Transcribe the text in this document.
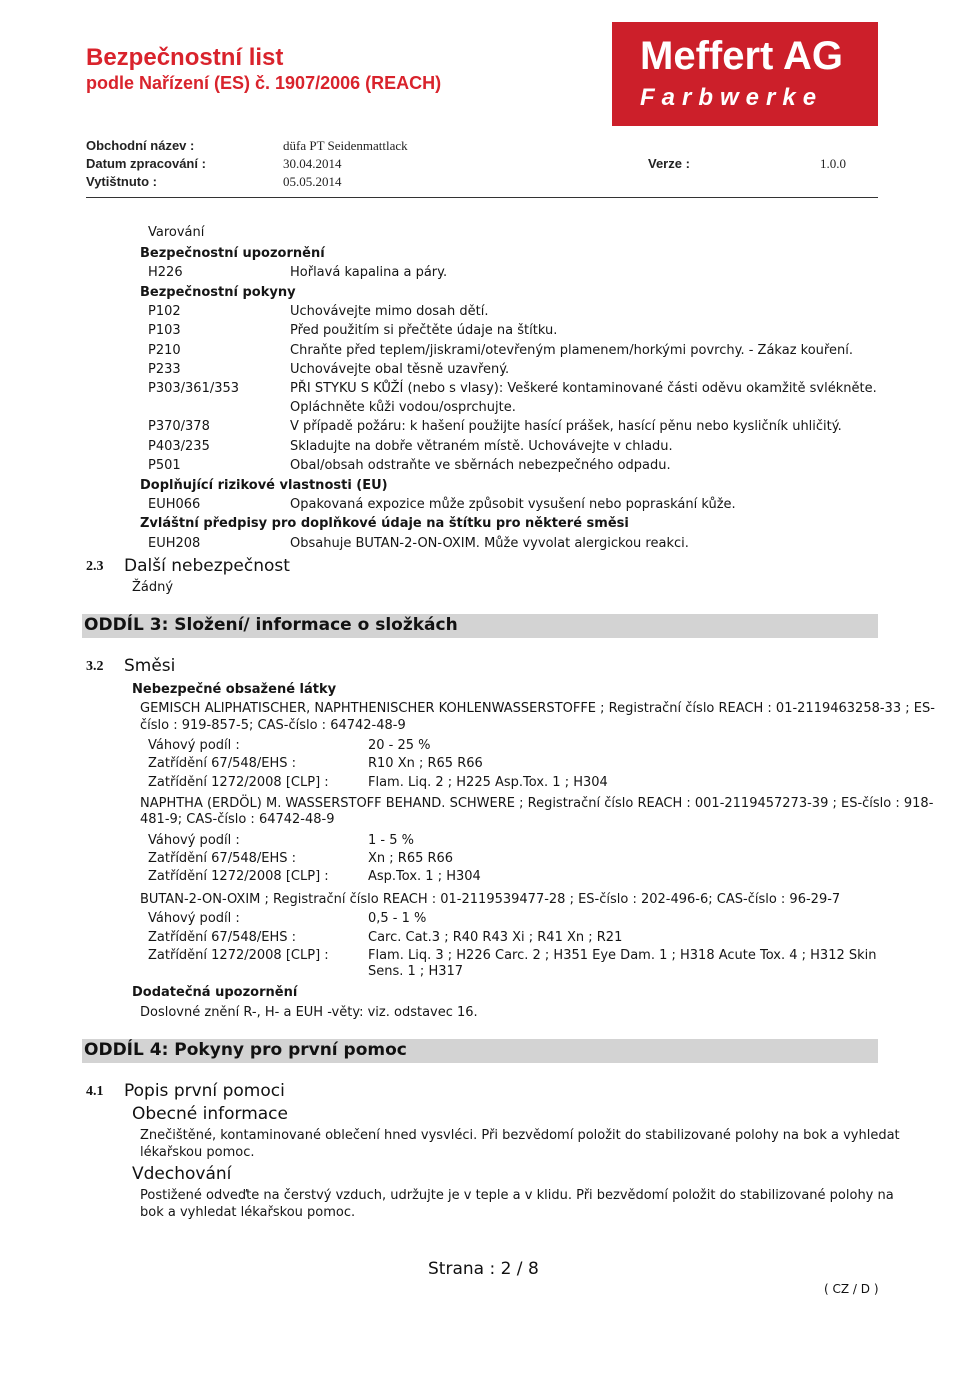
Bezpečnostní list
podle Nařízení (ES) č. 1907/2006 (REACH)
Meffert AG
Farbwerke
Obchodní název :	düfa PT Seidenmattlack
Datum zpracování :	30.04.2014	Verze :	1.0.0
Vytištnuto :	05.05.2014
Varování
Bezpečnostní upozornění
H226	Hořlavá kapalina a páry.
Bezpečnostní pokyny
P102	Uchovávejte mimo dosah dětí.
P103	Před použitím si přečtěte údaje na štítku.
P210	Chraňte před teplem/jiskrami/otevřeným plamenem/horkými povrchy. - Zákaz kouření.
P233	Uchovávejte obal těsně uzavřený.
P303/361/353	PŘI STYKU S KŮŽÍ (nebo s vlasy): Veškeré kontaminované části oděvu okamžitě svlékněte.
Opláchněte kůži vodou/osprchujte.
P370/378	V případě požáru: k hašení použijte hasící prášek, hasící pěnu nebo kysličník uhličitý.
P403/235	Skladujte na dobře větraném místě. Uchovávejte v chladu.
P501	Obal/obsah odstraňte ve sběrnách nebezpečného odpadu.
Doplňující rizikové vlastnosti (EU)
EUH066	Opakovaná expozice může způsobit vysušení nebo popraskání kůže.
Zvláštní předpisy pro doplňkové údaje na štítku pro některé směsi
EUH208	Obsahuje BUTAN-2-ON-OXIM. Může vyvolat alergickou reakci.
2.3 Další nebezpečnost
Žádný
ODDÍL 3: Složení/ informace o složkách
3.2 Směsi
Nebezpečné obsažené látky
GEMISCH ALIPHATISCHER, NAPHTHENISCHER KOHLENWASSERSTOFFE ; Registrační číslo REACH : 01-2119463258-33 ; ES-
číslo : 919-857-5; CAS-číslo : 64742-48-9
Váhový podíl :	20 - 25 %
Zatřídění 67/548/EHS :	R10 Xn ; R65 R66
Zatřídění 1272/2008 [CLP] :	Flam. Liq. 2 ; H225 Asp.Tox. 1 ; H304
NAPHTHA (ERDÖL) M. WASSERSTOFF BEHAND. SCHWERE ; Registrační číslo REACH : 001-2119457273-39 ; ES-číslo : 918-
481-9; CAS-číslo : 64742-48-9
Váhový podíl :	1 - 5 %
Zatřídění 67/548/EHS :	Xn ; R65 R66
Zatřídění 1272/2008 [CLP] :	Asp.Tox. 1 ; H304
BUTAN-2-ON-OXIM ; Registrační číslo REACH : 01-2119539477-28 ; ES-číslo : 202-496-6; CAS-číslo : 96-29-7
Váhový podíl :	0,5 - 1 %
Zatřídění 67/548/EHS :	Carc. Cat.3 ; R40 R43 Xi ; R41 Xn ; R21
Zatřídění 1272/2008 [CLP] :	Flam. Liq. 3 ; H226 Carc. 2 ; H351 Eye Dam. 1 ; H318 Acute Tox. 4 ; H312 Skin
Sens. 1 ; H317
Dodatečná upozornění
Doslovné znění R-, H- a EUH -věty: viz. odstavec 16.
ODDÍL 4: Pokyny pro první pomoc
4.1 Popis první pomoci
Obecné informace
Znečištěné, kontaminované oblečení hned vysvléci. Při bezvědomí položit do stabilizované polohy na bok a vyhledat
lékařskou pomoc.
Vdechování
Postižené odveďte na čerstvý vzduch, udržujte je v teple a v klidu. Při bezvědomí položit do stabilizované polohy na
bok a vyhledat lékařskou pomoc.
Strana : 2 / 8
( CZ / D )
